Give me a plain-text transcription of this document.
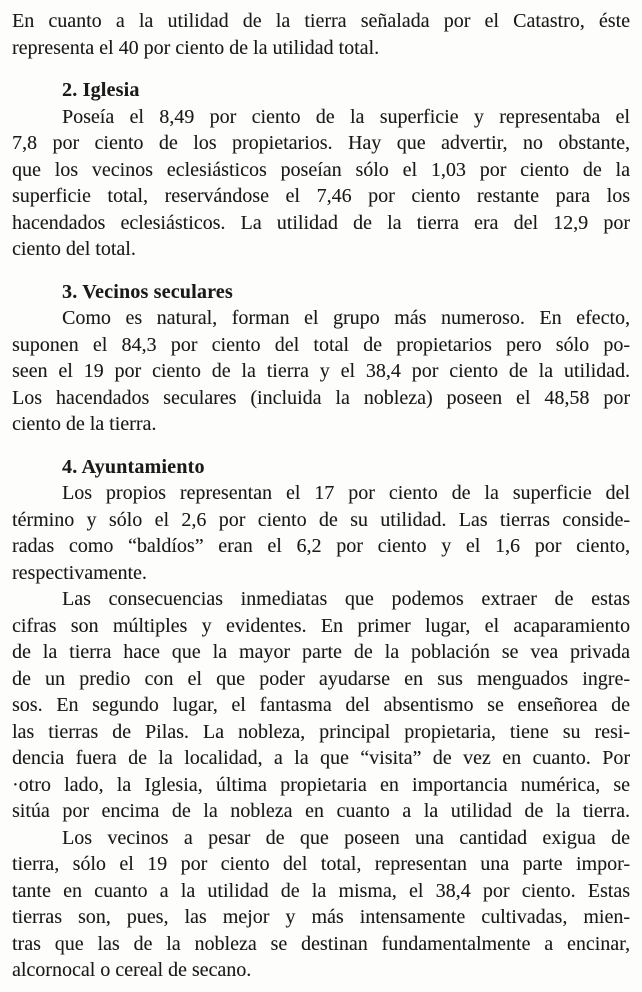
En cuanto a la utilidad de la tierra señalada por el Catastro, éste
representa el 40 por ciento de la utilidad total.
2. Iglesia
Poseía el 8,49 por ciento de la superficie y representaba el
7,8 por ciento de los propietarios. Hay que advertir, no obstante,
que los vecinos eclesiásticos poseían sólo el 1,03 por ciento de la
superficie total, reservándose el 7,46 por ciento restante para los
hacendados eclesiásticos. La utilidad de la tierra era del 12,9 por
ciento del total.
3. Vecinos seculares
Como es natural, forman el grupo más numeroso. En efecto,
suponen el 84,3 por ciento del total de propietarios pero sólo po-
seen el 19 por ciento de la tierra y el 38,4 por ciento de la utilidad.
Los hacendados seculares (incluida la nobleza) poseen el 48,58 por
ciento de la tierra.
4. Ayuntamiento
Los propios representan el 17 por ciento de la superficie del
término y sólo el 2,6 por ciento de su utilidad. Las tierras conside-
radas como “baldíos” eran el 6,2 por ciento y el 1,6 por ciento,
respectivamente.
Las consecuencias inmediatas que podemos extraer de estas
cifras son múltiples y evidentes. En primer lugar, el acaparamiento
de la tierra hace que la mayor parte de la población se vea privada
de un predio con el que poder ayudarse en sus menguados ingre-
sos. En segundo lugar, el fantasma del absentismo se enseñorea de
las tierras de Pilas. La nobleza, principal propietaria, tiene su resi-
dencia fuera de la localidad, a la que “visita” de vez en cuanto. Por
·otro lado, la Iglesia, última propietaria en importancia numérica, se
sitúa por encima de la nobleza en cuanto a la utilidad de la tierra.
Los vecinos a pesar de que poseen una cantidad exigua de
tierra, sólo el 19 por ciento del total, representan una parte impor-
tante en cuanto a la utilidad de la misma, el 38,4 por ciento. Estas
tierras son, pues, las mejor y más intensamente cultivadas, mien-
tras que las de la nobleza se destinan fundamentalmente a encinar,
alcornocal o cereal de secano.
